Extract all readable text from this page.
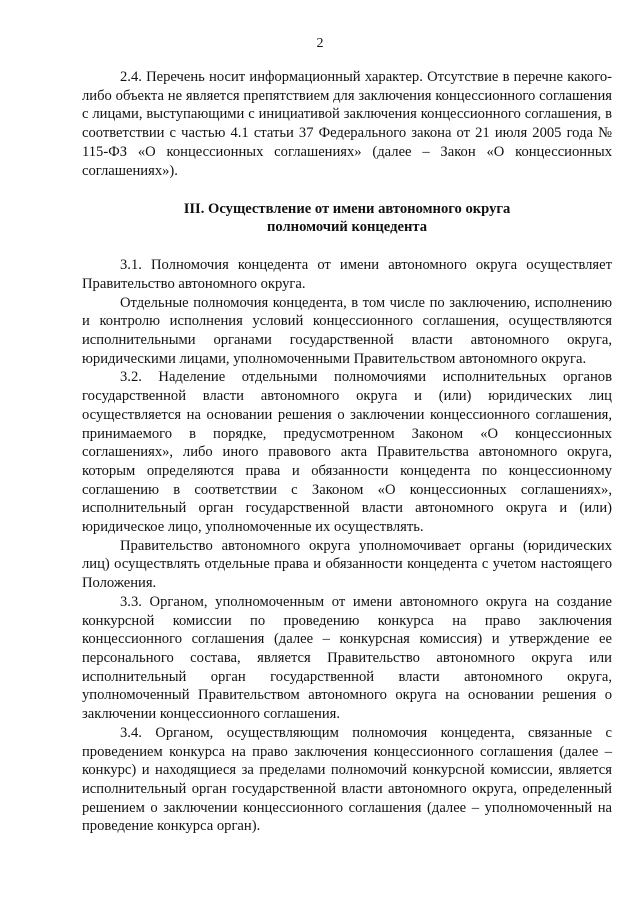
2

2.4. Перечень носит информационный характер. Отсутствие в перечне какого-либо объекта не является препятствием для заключения концессионного соглашения с лицами, выступающими с инициативой заключения концессионного соглашения, в соответствии с частью 4.1 статьи 37 Федерального закона от 21 июля 2005 года № 115-ФЗ «О концессионных соглашениях» (далее – Закон «О концессионных соглашениях»).

III. Осуществление от имени автономного округа
полномочий концедента

3.1. Полномочия концедента от имени автономного округа осуществляет Правительство автономного округа.

Отдельные полномочия концедента, в том числе по заключению, исполнению и контролю исполнения условий концессионного соглашения, осуществляются исполнительными органами государственной власти автономного округа, юридическими лицами, уполномоченными Правительством автономного округа.

3.2. Наделение отдельными полномочиями исполнительных органов государственной власти автономного округа и (или) юридических лиц осуществляется на основании решения о заключении концессионного соглашения, принимаемого в порядке, предусмотренном Законом «О концессионных соглашениях», либо иного правового акта Правительства автономного округа, которым определяются права и обязанности концедента по концессионному соглашению в соответствии с Законом «О концессионных соглашениях», исполнительный орган государственной власти автономного округа и (или) юридическое лицо, уполномоченные их осуществлять.

Правительство автономного округа уполномочивает органы (юридических лиц) осуществлять отдельные права и обязанности концедента с учетом настоящего Положения.

3.3. Органом, уполномоченным от имени автономного округа на создание конкурсной комиссии по проведению конкурса на право заключения концессионного соглашения (далее – конкурсная комиссия) и утверждение ее персонального состава, является Правительство автономного округа или исполнительный орган государственной власти автономного округа, уполномоченный Правительством автономного округа на основании решения о заключении концессионного соглашения.

3.4. Органом, осуществляющим полномочия концедента, связанные с проведением конкурса на право заключения концессионного соглашения (далее – конкурс) и находящиеся за пределами полномочий конкурсной комиссии, является исполнительный орган государственной власти автономного округа, определенный решением о заключении концессионного соглашения (далее – уполномоченный на проведение конкурса орган).
